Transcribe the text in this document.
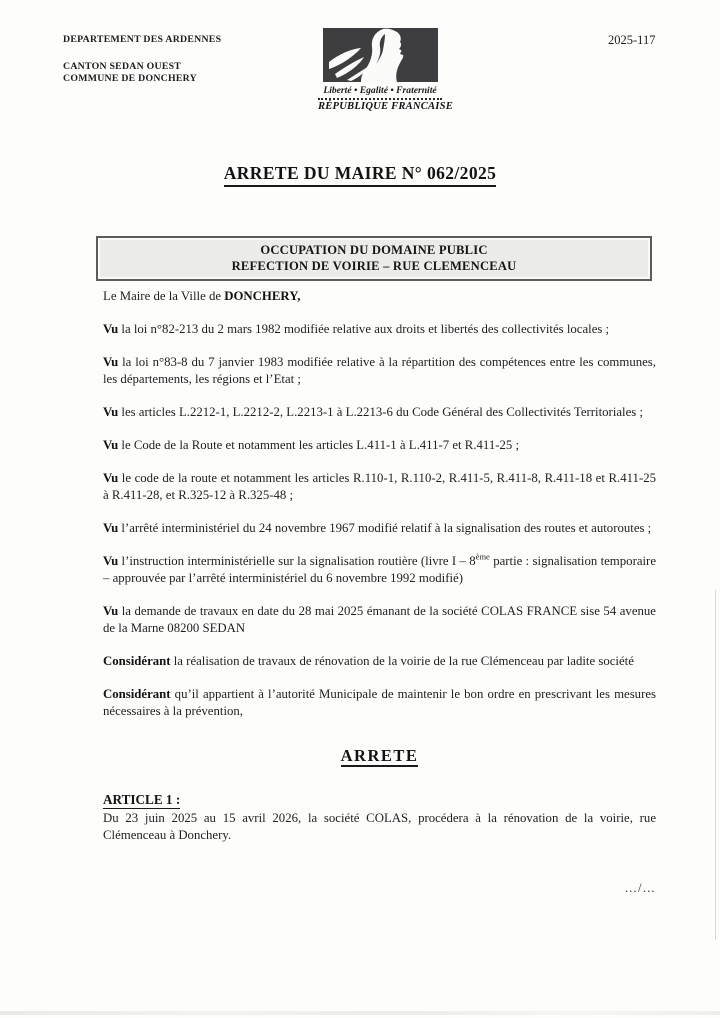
DEPARTEMENT DES ARDENNES
CANTON SEDAN OUEST
COMMUNE DE DONCHERY
2025-117
Liberté • Egalité • Fraternité
RÉPUBLIQUE FRANCAISE
ARRETE DU MAIRE N° 062/2025
OCCUPATION DU DOMAINE PUBLIC
REFECTION DE VOIRIE – RUE CLEMENCEAU

Le Maire de la Ville de DONCHERY,

Vu la loi n°82-213 du 2 mars 1982 modifiée relative aux droits et libertés des collectivités locales ;

Vu la loi n°83-8 du 7 janvier 1983 modifiée relative à la répartition des compétences entre les communes, les départements, les régions et l’Etat ;

Vu les articles L.2212-1, L.2212-2, L.2213-1 à L.2213-6 du Code Général des Collectivités Territoriales ;

Vu le Code de la Route et notamment les articles L.411-1 à L.411-7 et R.411-25 ;

Vu le code de la route et notamment les articles R.110-1, R.110-2, R.411-5, R.411-8, R.411-18 et R.411-25 à R.411-28, et R.325-12 à R.325-48 ;

Vu l’arrêté interministériel du 24 novembre 1967 modifié relatif à la signalisation des routes et autoroutes ;

Vu l’instruction interministérielle sur la signalisation routière (livre I – 8ème partie : signalisation temporaire – approuvée par l’arrêté interministériel du 6 novembre 1992 modifié)

Vu la demande de travaux en date du 28 mai 2025 émanant de la société COLAS FRANCE sise 54 avenue de la Marne 08200 SEDAN

Considérant la réalisation de travaux de rénovation de la voirie de la rue Clémenceau par ladite société

Considérant qu’il appartient à l’autorité Municipale de maintenir le bon ordre en prescrivant les mesures nécessaires à la prévention,

ARRETE
ARTICLE 1 :

Du 23 juin 2025 au 15 avril 2026, la société COLAS, procédera à la rénovation de la voirie, rue Clémenceau à Donchery.

…/…
